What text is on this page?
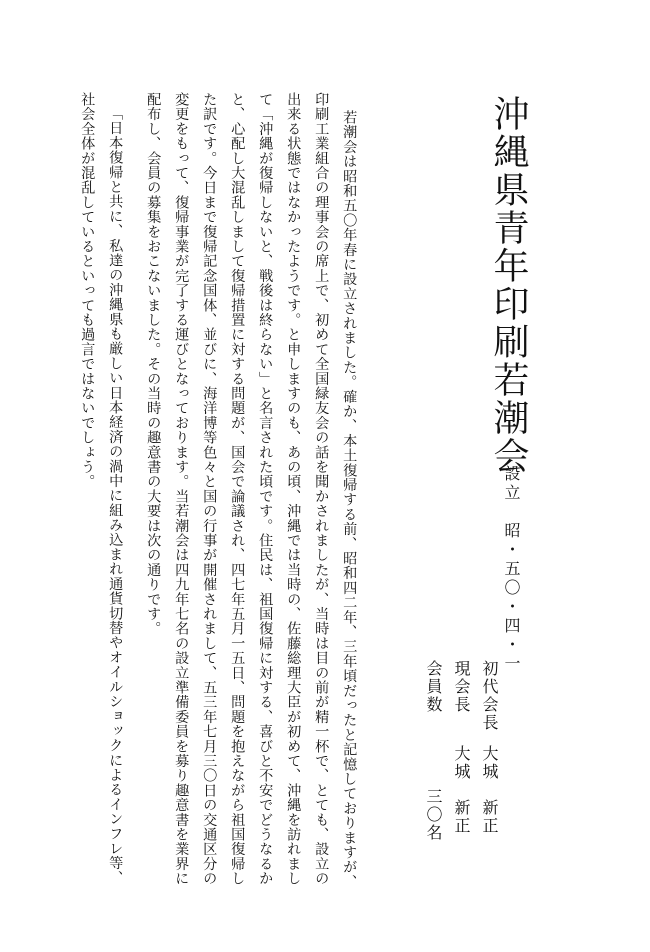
沖縄県青年印刷若潮会
設立　昭・五〇・四・一
初代会長
大城　新正
現会長
大城　新正
会員数
三〇名
若潮会は昭和五〇年春に設立されました。確か、本土復帰する前、昭和四二年、三年頃だったと記憶しておりますが、
印刷工業組合の理事会の席上で、初めて全国緑友会の話を聞かされましたが、当時は目の前が精一杯で、とても、設立の
出来る状態ではなかったようです。と申しますのも、あの頃、沖縄では当時の、佐藤総理大臣が初めて、沖縄を訪れまし
て「沖縄が復帰しないと、戦後は終らない」と名言された頃です。住民は、祖国復帰に対する、喜びと不安でどうなるか
と、心配し大混乱しまして復帰措置に対する問題が、国会で論議され、四七年五月一五日、問題を抱えながら祖国復帰し
た訳です。今日まで復帰記念国体、並びに、海洋博等色々と国の行事が開催されまして、五三年七月三〇日の交通区分の
変更をもって、復帰事業が完了する運びとなっております。当若潮会は四九年七名の設立準備委員を募り趣意書を業界に
配布し、会員の募集をおこないました。その当時の趣意書の大要は次の通りです。
「日本復帰と共に、私達の沖縄県も厳しい日本経済の渦中に組み込まれ通貨切替やオイルショックによるインフレ等、
社会全体が混乱しているといっても過言ではないでしょう。
